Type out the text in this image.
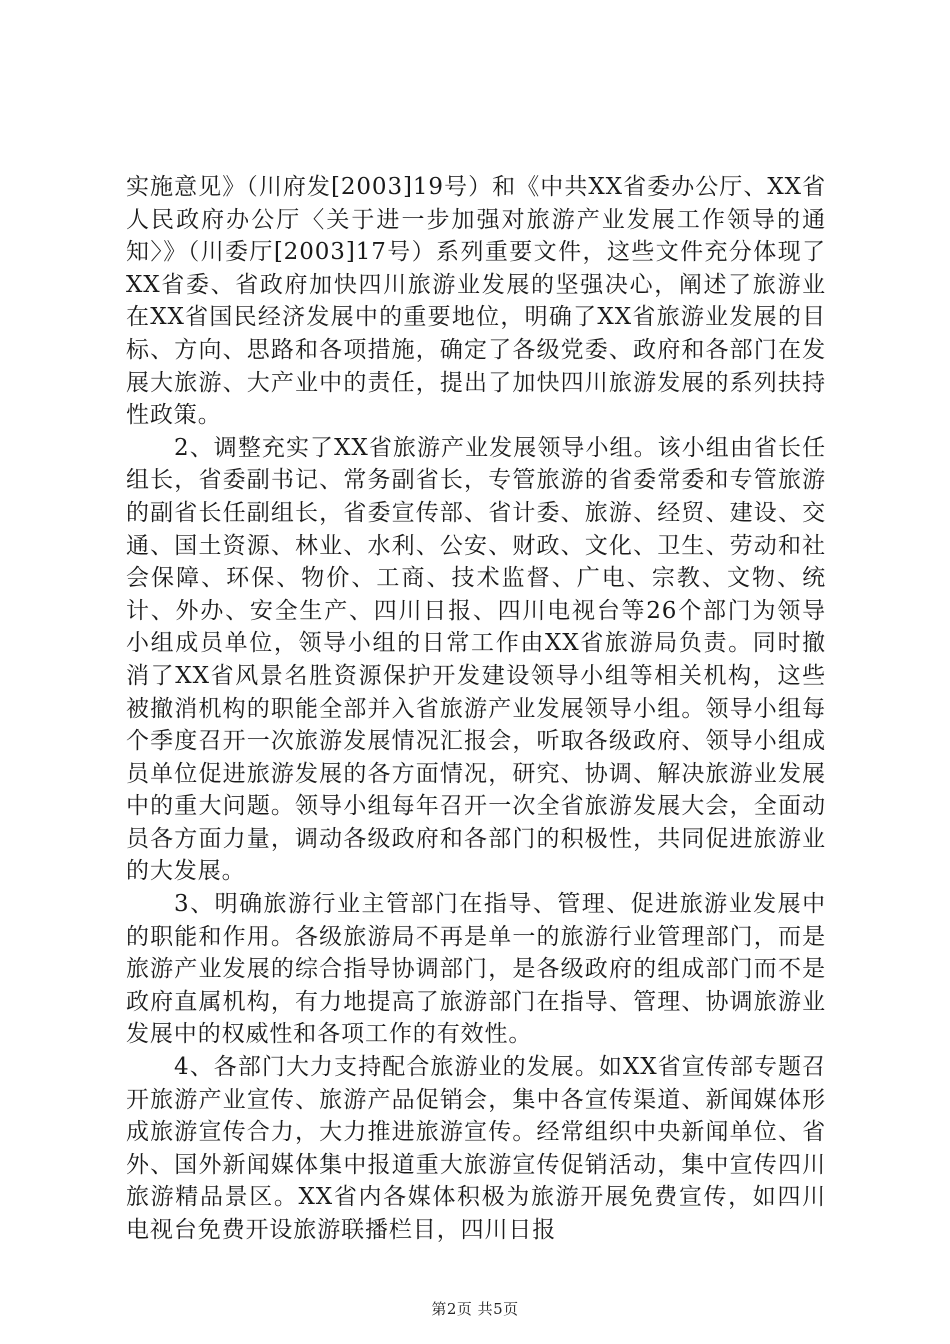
实施意见》（川府发[2003]19号）和《中共XX省委办公厅、XX省人民政府办公厅〈关于进一步加强对旅游产业发展工作领导的通知〉》（川委厅[2003]17号）系列重要文件，这些文件充分体现了XX省委、省政府加快四川旅游业发展的坚强决心，阐述了旅游业在XX省国民经济发展中的重要地位，明确了XX省旅游业发展的目标、方向、思路和各项措施，确定了各级党委、政府和各部门在发展大旅游、大产业中的责任，提出了加快四川旅游发展的系列扶持性政策。

2、调整充实了XX省旅游产业发展领导小组。该小组由省长任组长，省委副书记、常务副省长，专管旅游的省委常委和专管旅游的副省长任副组长，省委宣传部、省计委、旅游、经贸、建设、交通、国土资源、林业、水利、公安、财政、文化、卫生、劳动和社会保障、环保、物价、工商、技术监督、广电、宗教、文物、统计、外办、安全生产、四川日报、四川电视台等26个部门为领导小组成员单位，领导小组的日常工作由XX省旅游局负责。同时撤消了XX省风景名胜资源保护开发建设领导小组等相关机构，这些被撤消机构的职能全部并入省旅游产业发展领导小组。领导小组每个季度召开一次旅游发展情况汇报会，听取各级政府、领导小组成员单位促进旅游发展的各方面情况，研究、协调、解决旅游业发展中的重大问题。领导小组每年召开一次全省旅游发展大会，全面动员各方面力量，调动各级政府和各部门的积极性，共同促进旅游业的大发展。

3、明确旅游行业主管部门在指导、管理、促进旅游业发展中的职能和作用。各级旅游局不再是单一的旅游行业管理部门，而是旅游产业发展的综合指导协调部门，是各级政府的组成部门而不是政府直属机构，有力地提高了旅游部门在指导、管理、协调旅游业发展中的权威性和各项工作的有效性。

4、各部门大力支持配合旅游业的发展。如XX省宣传部专题召开旅游产业宣传、旅游产品促销会，集中各宣传渠道、新闻媒体形成旅游宣传合力，大力推进旅游宣传。经常组织中央新闻单位、省外、国外新闻媒体集中报道重大旅游宣传促销活动，集中宣传四川旅游精品景区。XX省内各媒体积极为旅游开展免费宣传，如四川电视台免费开设旅游联播栏目，四川日报

第2页 共5页
